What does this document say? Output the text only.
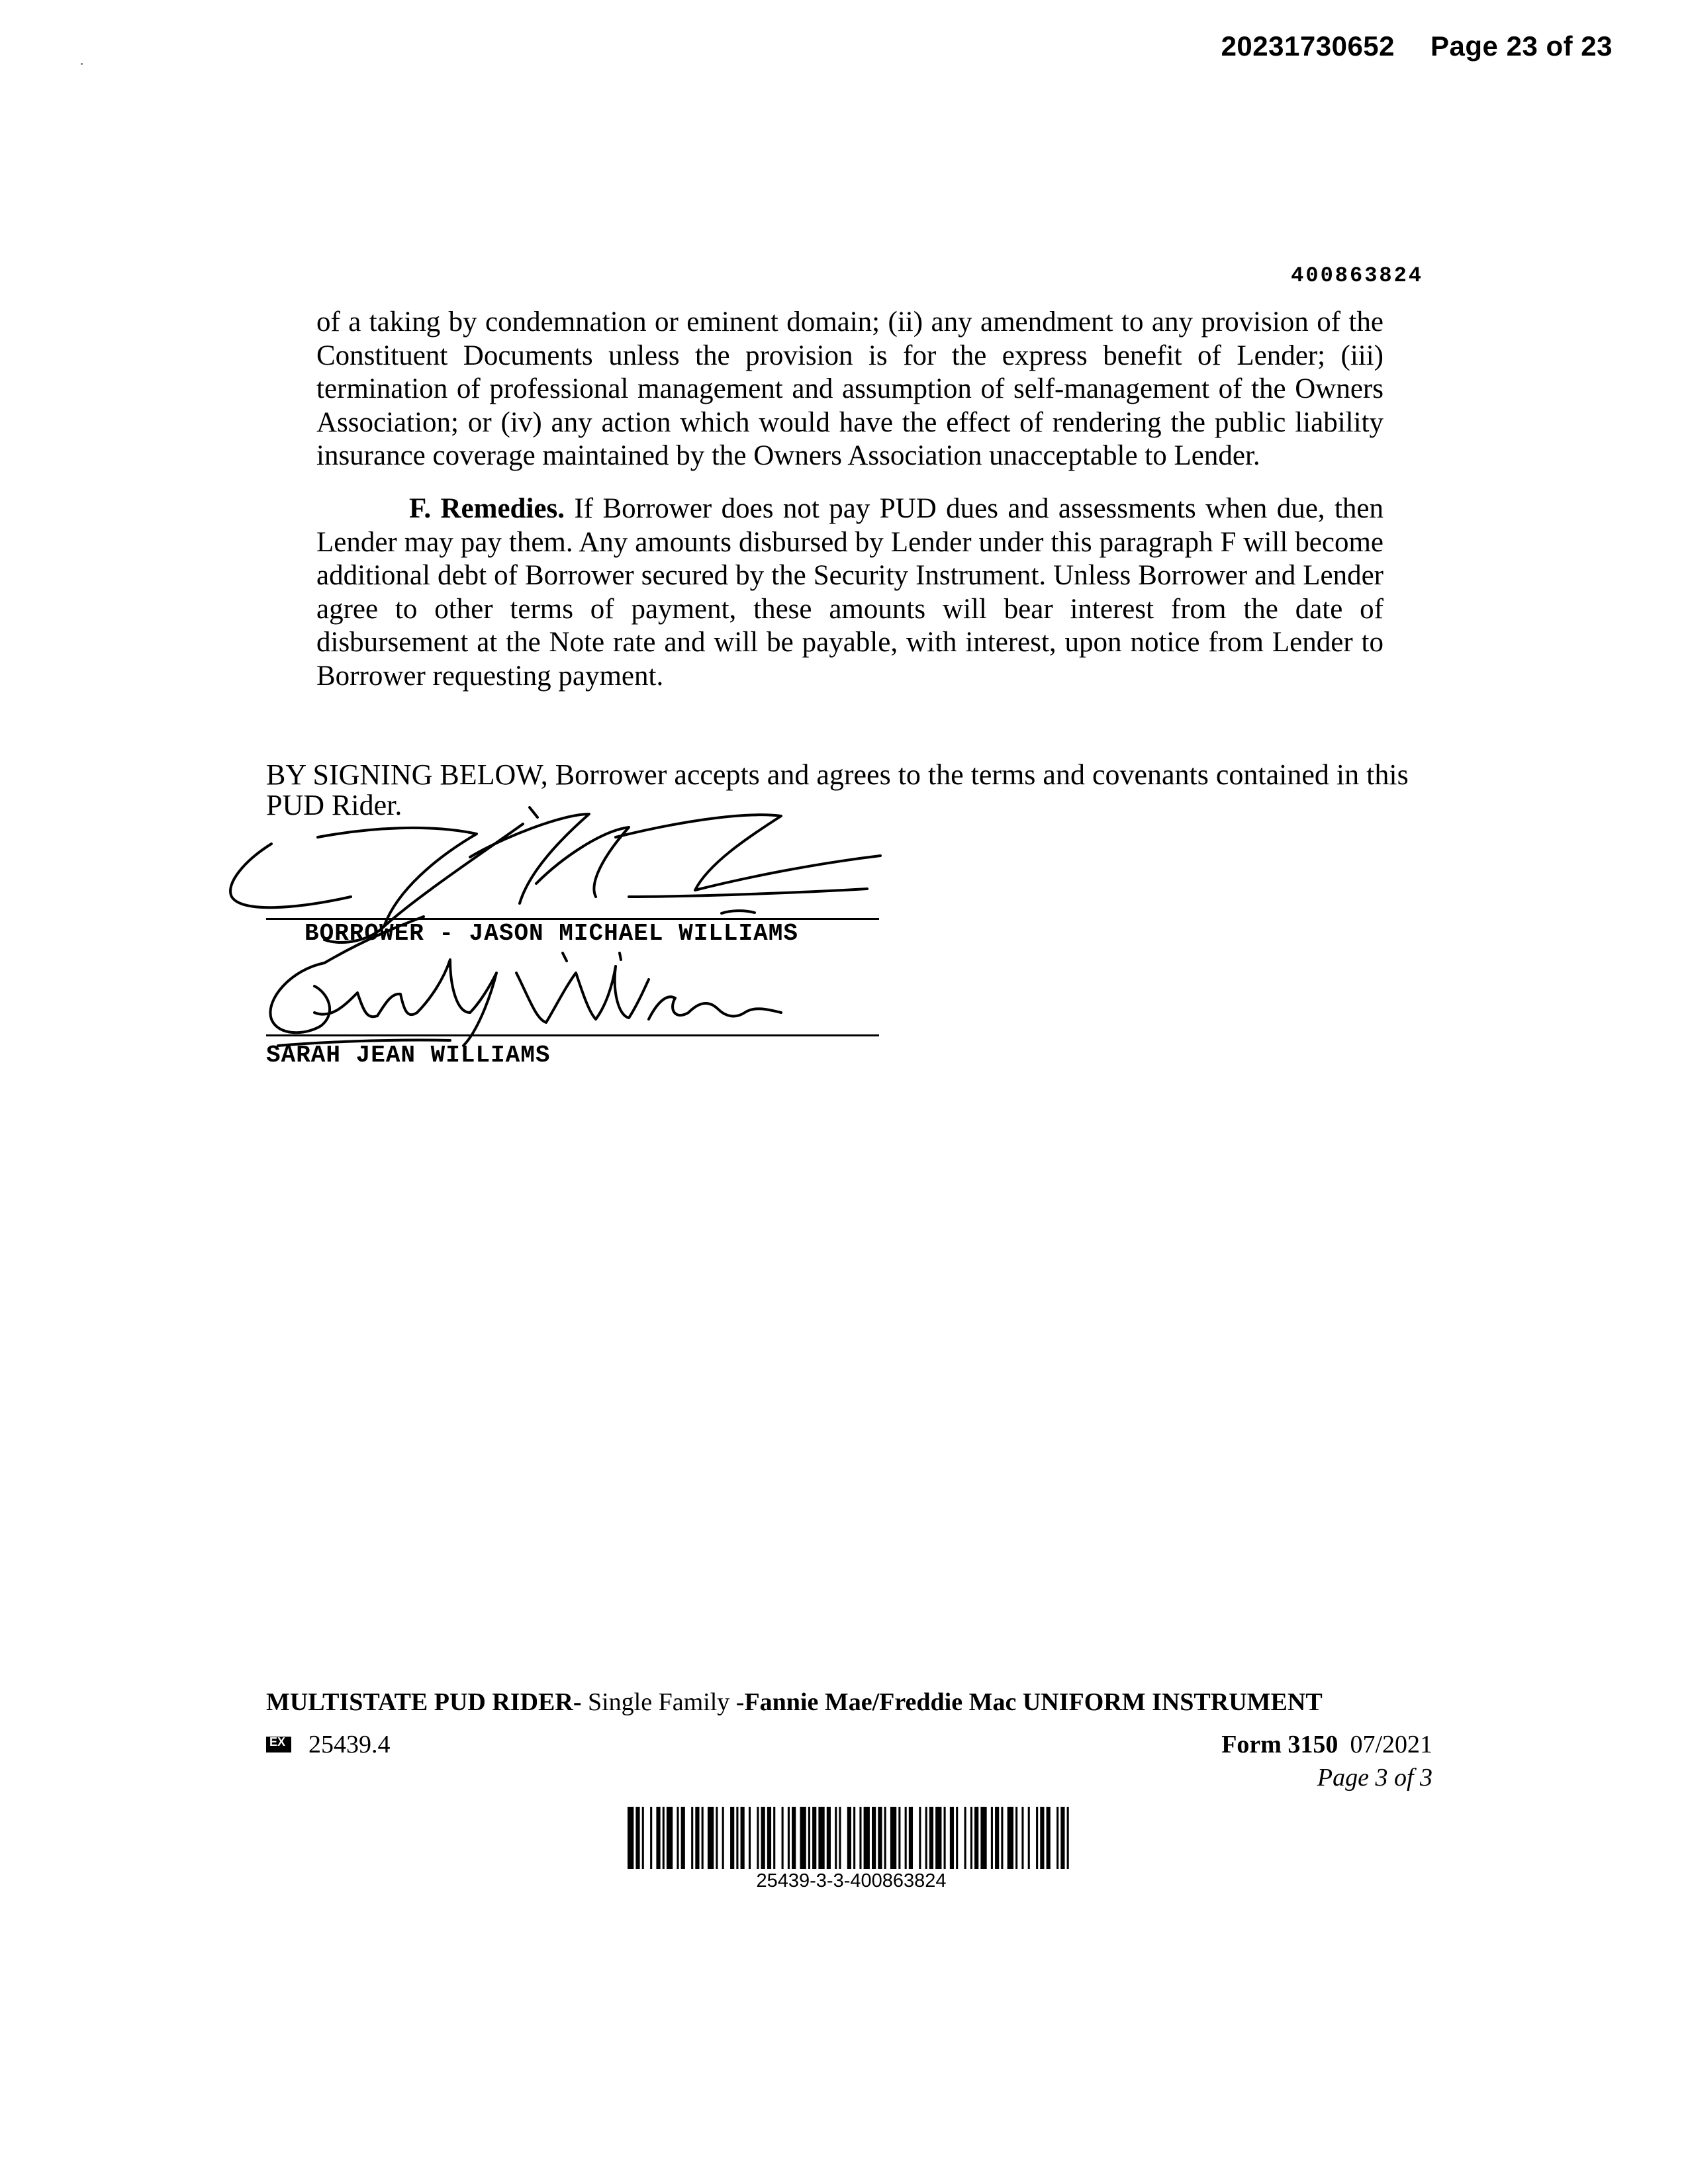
20231730652 Page 23 of 23
400863824
of a taking by condemnation or eminent domain; (ii) any amendment to any provision of the Constituent Documents unless the provision is for the express benefit of Lender; (iii) termination of professional management and assumption of self-management of the Owners Association; or (iv) any action which would have the effect of rendering the public liability insurance coverage maintained by the Owners Association unacceptable to Lender.
F. Remedies. If Borrower does not pay PUD dues and assessments when due, then Lender may pay them. Any amounts disbursed by Lender under this paragraph F will become additional debt of Borrower secured by the Security Instrument. Unless Borrower and Lender agree to other terms of payment, these amounts will bear interest from the date of disbursement at the Note rate and will be payable, with interest, upon notice from Lender to Borrower requesting payment.
BY SIGNING BELOW, Borrower accepts and agrees to the terms and covenants contained in this PUD Rider.
BORROWER - JASON MICHAEL WILLIAMS
SARAH JEAN WILLIAMS
MULTISTATE PUD RIDER- Single Family -Fannie Mae/Freddie Mac UNIFORM INSTRUMENT
EX
25439.4	Form 3150 07/2021
Page 3 of 3
25439-3-3-400863824
